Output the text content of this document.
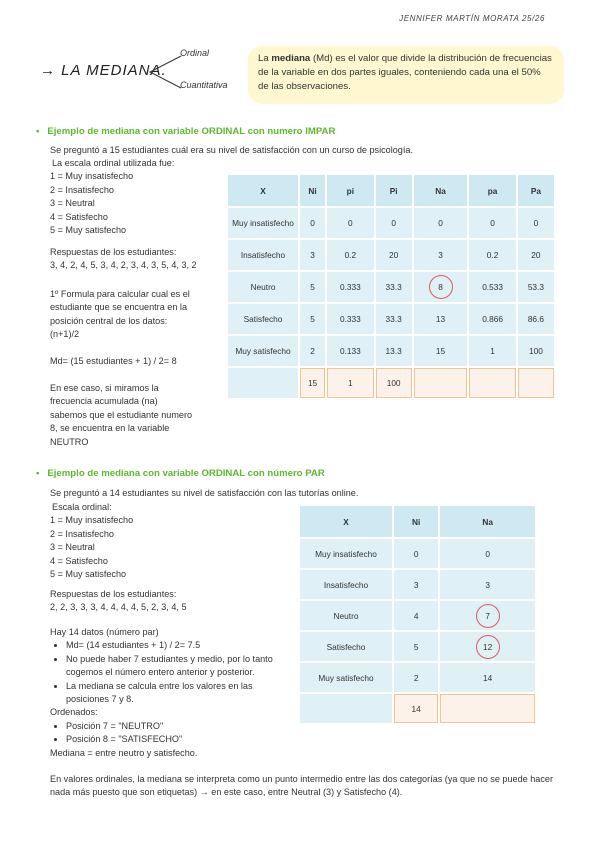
JENNIFER MARTÍN MORATA 25/26
→ LA MEDIANA.
Ordinal
Cuantitativa
La mediana (Md) es el valor que divide la distribución de frecuencias de la variable en dos partes iguales, conteniendo cada una el 50% de las observaciones.
• Ejemplo de mediana con variable ORDINAL con numero IMPAR
Se preguntó a 15 estudiantes cuál era su nivel de satisfacción con un curso de psicología.
La escala ordinal utilizada fue:
1 = Muy insatisfecho
2 = Insatisfecho
3 = Neutral
4 = Satisfecho
5 = Muy satisfecho
Respuestas de los estudiantes:
3, 4, 2, 4, 5, 3, 4, 2, 3, 4, 3, 5, 4, 3, 2
1º Formula para calcular cual es el
estudiante que se encuentra en la
posición central de los datos:
(n+1)/2
Md= (15 estudiantes + 1) / 2= 8
En ese caso, si miramos la
frecuencia acumulada (na)
sabemos que el estudiante numero
8, se encuentra en la variable
NEUTRO
X	Ni	pi	Pi	Na	pa	Pa
Muy insatisfecho	0	0	0	0	0	0
Insatisfecho	3	0.2	20	3	0.2	20
Neutro	5	0.333	33.3	8	0.533	53.3
Satisfecho	5	0.333	33.3	13	0.866	86.6
Muy satisfecho	2	0.133	13.3	15	1	100
	15	1	100			
• Ejemplo de mediana con variable ORDINAL con número PAR
Se preguntó a 14 estudiantes su nivel de satisfacción con las tutorías online.
Escala ordinal:
1 = Muy insatisfecho
2 = Insatisfecho
3 = Neutral
4 = Satisfecho
5 = Muy satisfecho
Respuestas de los estudiantes:
2, 2, 3, 3, 3, 4, 4, 4, 4, 5, 2, 3, 4, 5
Hay 14 datos (número par)
• Md= (14 estudiantes + 1) / 2= 7.5
• No puede haber 7 estudiantes y medio, por lo tanto cogemos el número entero anterior y posterior.
• La mediana se calcula entre los valores en las posiciones 7 y 8.
Ordenados:
• Posición 7 = "NEUTRO"
• Posición 8 = "SATISFECHO"
Mediana = entre neutro y satisfecho.
En valores ordinales, la mediana se interpreta como un punto intermedio entre las dos categorías (ya que no se puede hacer nada más puesto que son etiquetas) → en este caso, entre Neutral (3) y Satisfecho (4).
X	Ni	Na
Muy insatisfecho	0	0
Insatisfecho	3	3
Neutro	4	7
Satisfecho	5	12
Muy satisfecho	2	14
	14	
